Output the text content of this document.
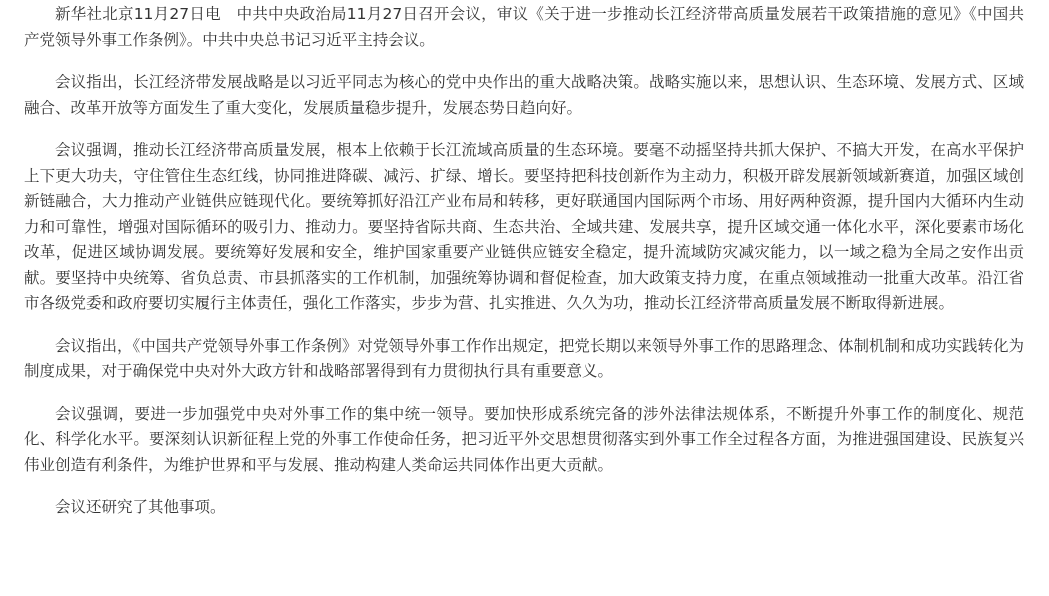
新华社北京11月27日电　中共中央政治局11月27日召开会议，审议《关于进一步推动长江经济带高质量发展若干政策措施的意见》《中国共产党领导外事工作条例》。中共中央总书记习近平主持会议。

会议指出，长江经济带发展战略是以习近平同志为核心的党中央作出的重大战略决策。战略实施以来，思想认识、生态环境、发展方式、区域融合、改革开放等方面发生了重大变化，发展质量稳步提升，发展态势日趋向好。

会议强调，推动长江经济带高质量发展，根本上依赖于长江流域高质量的生态环境。要毫不动摇坚持共抓大保护、不搞大开发，在高水平保护上下更大功夫，守住管住生态红线，协同推进降碳、减污、扩绿、增长。要坚持把科技创新作为主动力，积极开辟发展新领域新赛道，加强区域创新链融合，大力推动产业链供应链现代化。要统筹抓好沿江产业布局和转移，更好联通国内国际两个市场、用好两种资源，提升国内大循环内生动力和可靠性，增强对国际循环的吸引力、推动力。要坚持省际共商、生态共治、全域共建、发展共享，提升区域交通一体化水平，深化要素市场化改革，促进区域协调发展。要统筹好发展和安全，维护国家重要产业链供应链安全稳定，提升流域防灾减灾能力，以一域之稳为全局之安作出贡献。要坚持中央统筹、省负总责、市县抓落实的工作机制，加强统筹协调和督促检查，加大政策支持力度，在重点领域推动一批重大改革。沿江省市各级党委和政府要切实履行主体责任，强化工作落实，步步为营、扎实推进、久久为功，推动长江经济带高质量发展不断取得新进展。

会议指出，《中国共产党领导外事工作条例》对党领导外事工作作出规定，把党长期以来领导外事工作的思路理念、体制机制和成功实践转化为制度成果，对于确保党中央对外大政方针和战略部署得到有力贯彻执行具有重要意义。

会议强调，要进一步加强党中央对外事工作的集中统一领导。要加快形成系统完备的涉外法律法规体系，不断提升外事工作的制度化、规范化、科学化水平。要深刻认识新征程上党的外事工作使命任务，把习近平外交思想贯彻落实到外事工作全过程各方面，为推进强国建设、民族复兴伟业创造有利条件，为维护世界和平与发展、推动构建人类命运共同体作出更大贡献。

会议还研究了其他事项。
